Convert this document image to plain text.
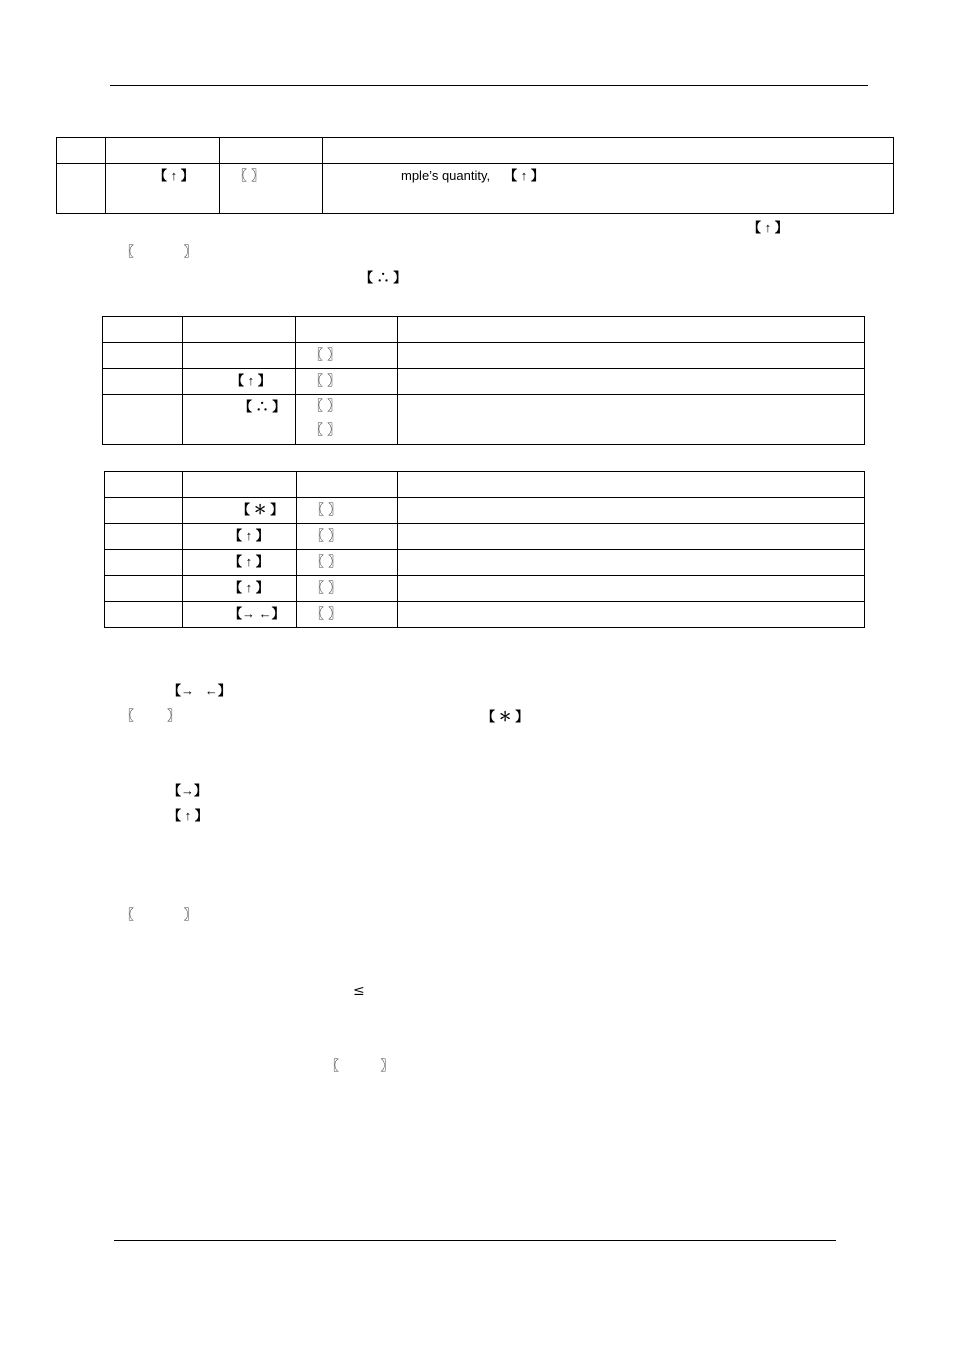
	【 ↑ 】	〖 〗	mple’s quantity, 【 ↑ 】
【 ↑ 】
〖            〗
【 ∴ 】

		〖 〗	
	【 ↑ 】	〖 〗	
	【 ∴ 】	〖 〗
〖 〗	

	【 ＊ 】	〖 〗	
	【 ↑ 】	〖 〗	
	【 ↑ 】	〖 〗	
	【 ↑ 】	〖 〗	
	【→ ←】	〖 〗	
【→   ←】
〖        〗	【 ＊ 】
【→】
【 ↑ 】
〖            〗
≤
〖          〗
